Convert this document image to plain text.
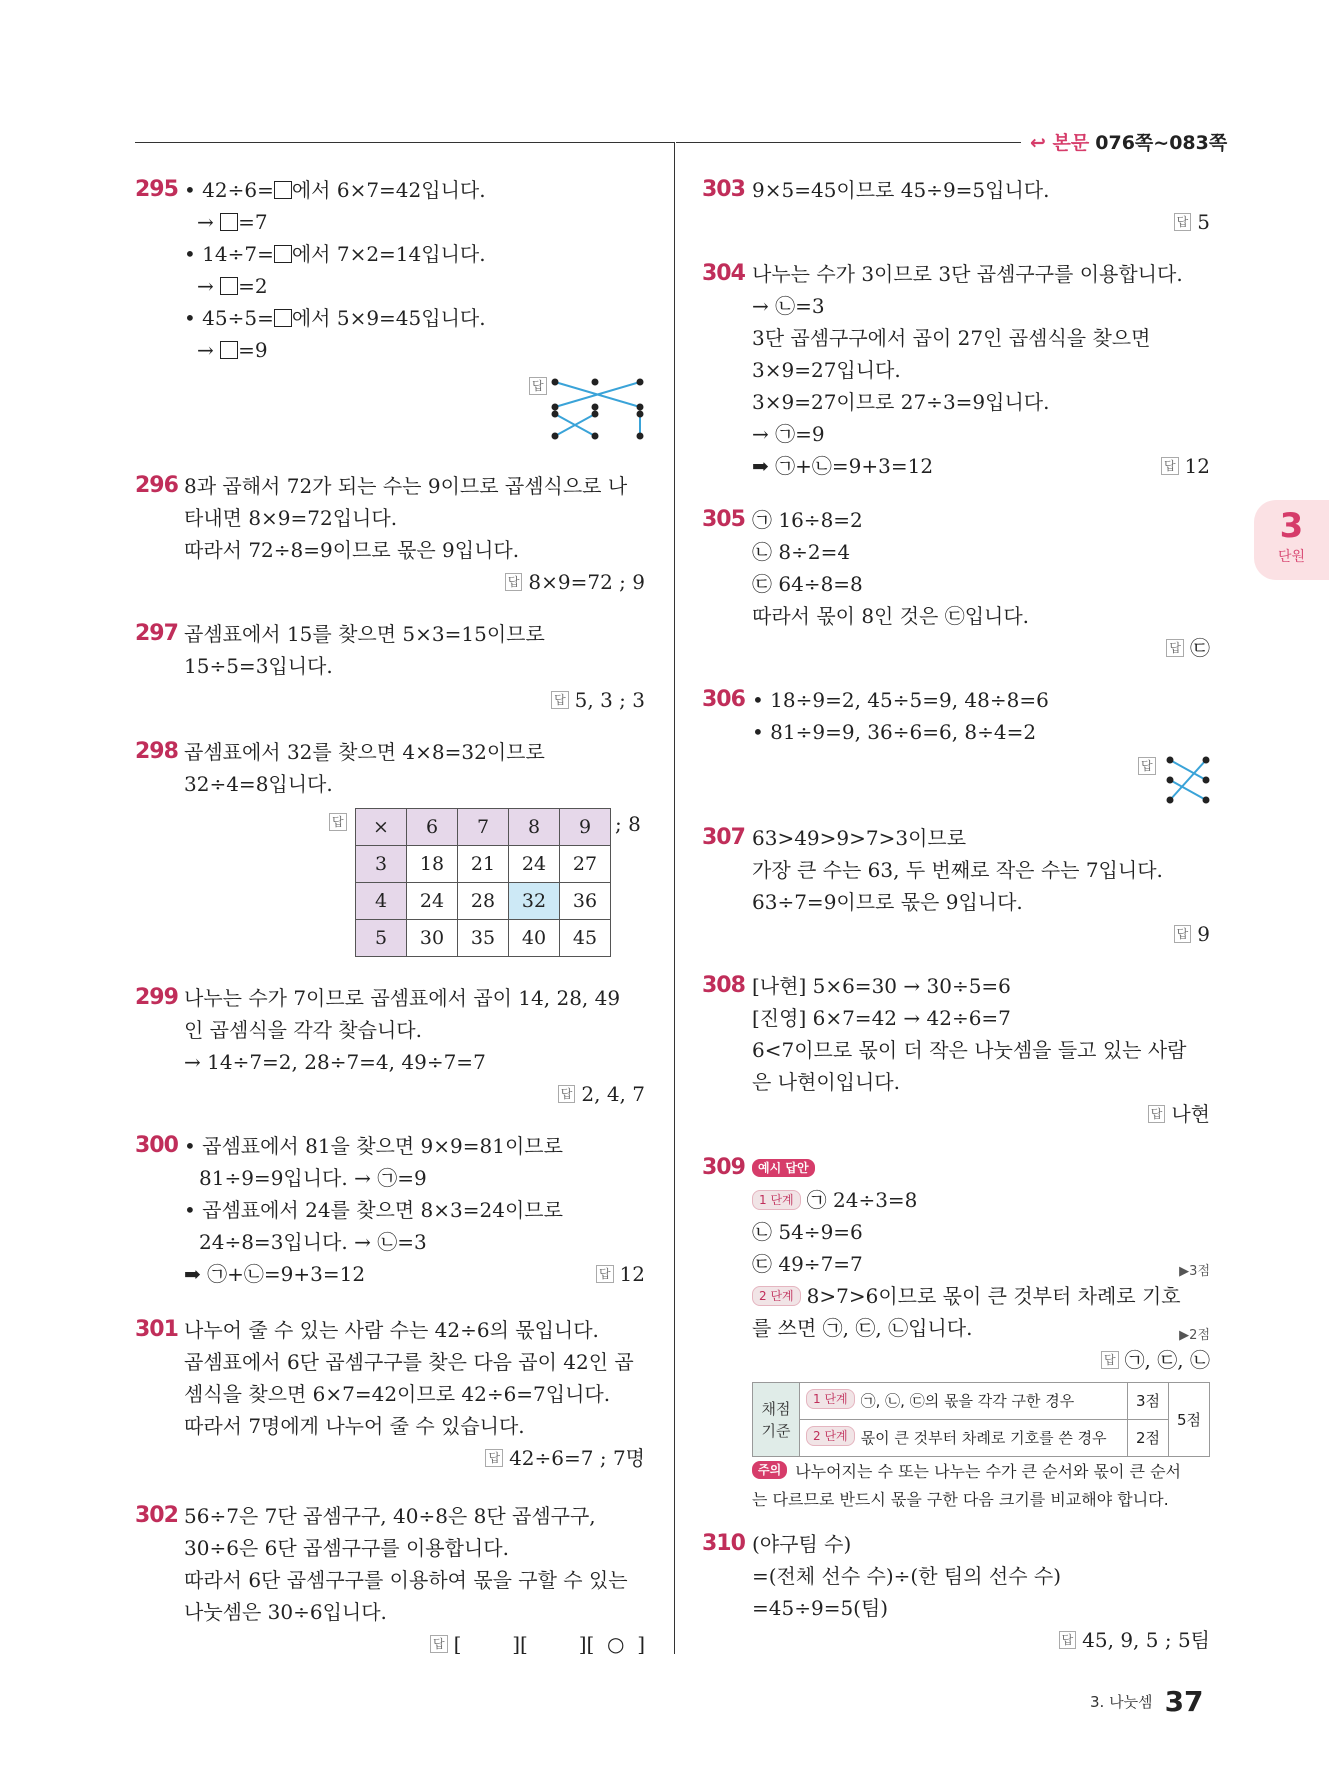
↩ 본문 076쪽~083쪽
3
단원
295 • 42÷6= 에서 6×7=42입니다.
→ =7
• 14÷7= 에서 7×2=14입니다.
→ =2
• 45÷5= 에서 5×9=45입니다.
→ =9
답
296 8과 곱해서 72가 되는 수는 9이므로 곱셈식으로 나
타내면 8×9=72입니다.
따라서 72÷8=9이므로 몫은 9입니다.
답 8×9=72 ; 9
297 곱셈표에서 15를 찾으면 5×3=15이므로
15÷5=3입니다.
답 5, 3 ; 3
298 곱셈표에서 32를 찾으면 4×8=32이므로
32÷4=8입니다.
답	×	6	7	8	9
3	18	21	24	27
4	24	28	32	36
5	30	35	40	45
; 8
299 나누는 수가 7이므로 곱셈표에서 곱이 14, 28, 49
인 곱셈식을 각각 찾습니다.
→ 14÷7=2, 28÷7=4, 49÷7=7
답 2, 4, 7
300 • 곱셈표에서 81을 찾으면 9×9=81이므로
81÷9=9입니다. → ㉠=9
• 곱셈표에서 24를 찾으면 8×3=24이므로
24÷8=3입니다. → ㉡=3
➡ ㉠+㉡=9+3=12	답 12
301 나누어 줄 수 있는 사람 수는 42÷6의 몫입니다.
곱셈표에서 6단 곱셈구구를 찾은 다음 곱이 42인 곱
셈식을 찾으면 6×7=42이므로 42÷6=7입니다.
따라서 7명에게 나누어 줄 수 있습니다.
답 42÷6=7 ; 7명
302 56÷7은 7단 곱셈구구, 40÷8은 8단 곱셈구구,
30÷6은 6단 곱셈구구를 이용합니다.
따라서 6단 곱셈구구를 이용하여 몫을 구할 수 있는
나눗셈은 30÷6입니다.
답 [        ][        ][  ○  ]
303 9×5=45이므로 45÷9=5입니다.
답 5
304 나누는 수가 3이므로 3단 곱셈구구를 이용합니다.
→ ㉡=3
3단 곱셈구구에서 곱이 27인 곱셈식을 찾으면
3×9=27입니다.
3×9=27이므로 27÷3=9입니다.
→ ㉠=9
➡ ㉠+㉡=9+3=12	답 12
305 ㉠ 16÷8=2
㉡ 8÷2=4
㉢ 64÷8=8
따라서 몫이 8인 것은 ㉢입니다.
답 ㉢
306 • 18÷9=2, 45÷5=9, 48÷8=6
• 81÷9=9, 36÷6=6, 8÷4=2
답
307 63>49>9>7>3이므로
가장 큰 수는 63, 두 번째로 작은 수는 7입니다.
63÷7=9이므로 몫은 9입니다.
답 9
308 [나현] 5×6=30 → 30÷5=6
[진영] 6×7=42 → 42÷6=7
6<7이므로 몫이 더 작은 나눗셈을 들고 있는 사람
은 나현이입니다.
답 나현
309	예시 답안
1 단계 ㉠ 24÷3=8
㉡ 54÷9=6
㉢ 49÷7=7	▶3점
2 단계 8>7>6이므로 몫이 큰 것부터 차례로 기호
를 쓰면 ㉠, ㉢, ㉡입니다.	▶2점
답 ㉠, ㉢, ㉡
채점 기준	1 단계 ㉠, ㉡, ㉢의 몫을 각각 구한 경우	3점	5점
	2 단계 몫이 큰 것부터 차례로 기호를 쓴 경우	2점	
주의 나누어지는 수 또는 나누는 수가 큰 순서와 몫이 큰 순서
는 다르므로 반드시 몫을 구한 다음 크기를 비교해야 합니다.
310 (야구팀 수)
=(전체 선수 수)÷(한 팀의 선수 수)
=45÷9=5(팀)
답 45, 9, 5 ; 5팀
3. 나눗셈 37
